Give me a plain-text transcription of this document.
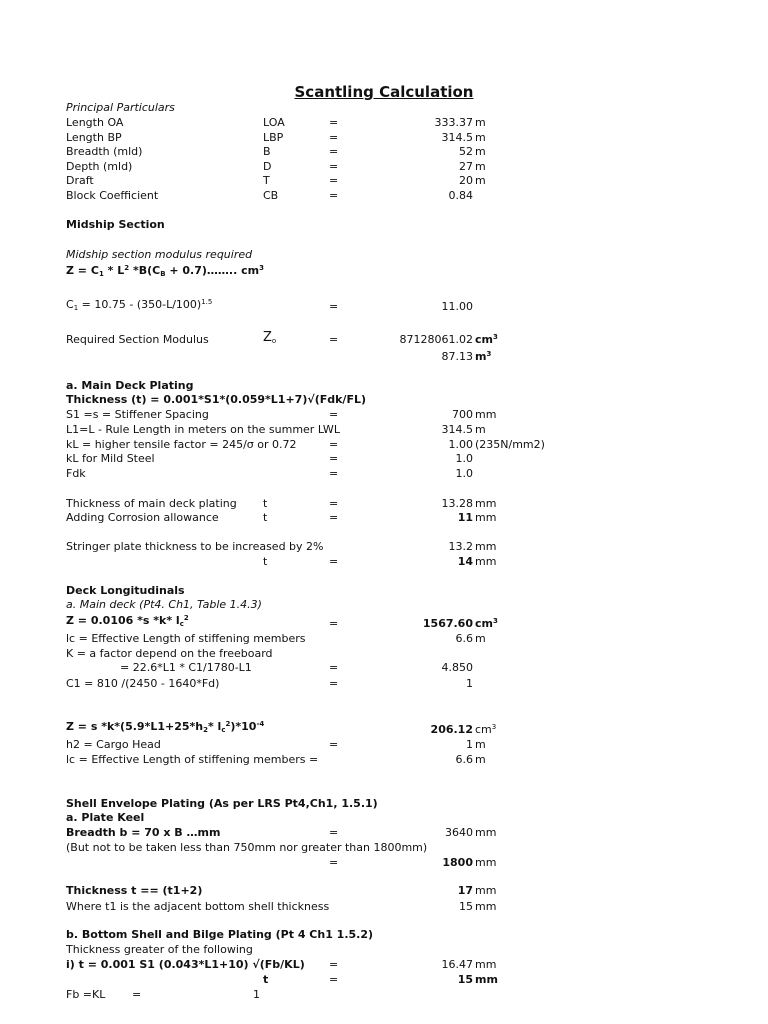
Scantling Calculation
Principal Particulars
Length OA	LOA	=	333.37 m
Length BP	LBP	=	314.5 m
Breadth (mld)	B	=	52 m
Depth (mld)	D	=	27 m
Draft	T	=	20 m
Block Coefficient	CB	=	0.84
Midship Section
Midship section modulus required
$Z = C_1 * L^2$ $*B(C_B$ + 0.7)…….. $cm^3$
$C_1 = 10.75 - (350-L/100)^{1.5}$	=	11.00
Required Section Modulus	$Z_o$	=	87128061.02 $cm^3$
87.13 $m^3$
a. Main Deck Plating
Thickness (t) = 0.001*S1*(0.059*L1+7)√(Fdk/FL)
S1 =s = Stiffener Spacing	=	700 mm
L1=L - Rule Length in meters on the summer LWL	314.5 m
kL = higher tensile factor = 245/σ or 0.72	=	1.00 (235N/mm2)
kL for Mild Steel	=	1.0
Fdk	=	1.0
Thickness of main deck plating t	=	13.28 mm
Adding Corrosion allowance	t	=	11 mm
Stringer plate thickness to be increased by 2%	13.2 mm
t	=	14 mm
Deck Longitudinals
a. Main deck (Pt4. Ch1, Table 1.4.3)
Z = 0.0106 *s *k* $l_c^2$	=	1567.60 $cm^3$
lc = Effective Length of stiffening members	6.6 m
K = a factor depend on the freeboard
= 22.6*L1 * C1/1780-L1	=	4.850
C1 = 810 /(2450 - 1640*Fd)	=	1
Z = s $*k*(5.9*L1+25*h_2*$ $l_c^2)*10^{-4}$	206.12 $cm^3$
h2 = Cargo Head	=	1 m
lc = Effective Length of stiffening members =	6.6 m
Shell Envelope Plating (As per LRS Pt4,Ch1, 1.5.1)
a. Plate Keel
Breadth b = 70 x B …mm	=	3640 mm
(But not to be taken less than 750mm nor greater than 1800mm)
=	1800 mm
Thickness t == (t1+2)	17 mm
Where t1 is the adjacent bottom shell thickness	15 mm
b. Bottom Shell and Bilge Plating (Pt 4 Ch1 1.5.2)
Thickness greater of the following
i) t = 0.001 S1 (0.043*L1+10) √(Fb/KL) =	16.47 mm
t	=	15 mm
Fb =KL =	1
